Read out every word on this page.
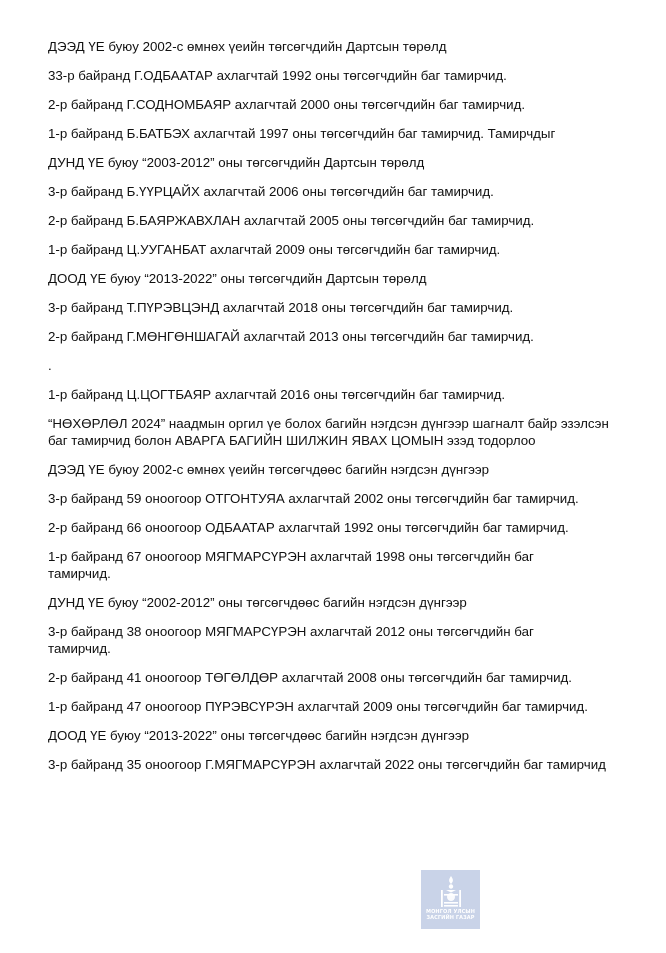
ДЭЭД ҮЕ буюу 2002-с өмнөх үеийн төгсөгчдийн Дартсын төрөлд

33-р байранд Г.ОДБААТАР ахлагчтай 1992 оны төгсөгчдийн баг тамирчид.

2-р байранд Г.СОДНОМБАЯР ахлагчтай 2000 оны төгсөгчдийн баг тамирчид.

1-р байранд Б.БАТБЭХ ахлагчтай 1997 оны төгсөгчдийн баг тамирчид. Тамирчдыг

ДУНД ҮЕ буюу “2003-2012” оны төгсөгчдийн Дартсын төрөлд

3-р байранд Б.ҮҮРЦАЙХ ахлагчтай 2006 оны төгсөгчдийн баг тамирчид.

2-р байранд Б.БАЯРЖАВХЛАН ахлагчтай 2005 оны төгсөгчдийн баг тамирчид.

1-р байранд Ц.УУГАНБАТ ахлагчтай 2009 оны төгсөгчдийн баг тамирчид.

ДООД ҮЕ буюу “2013-2022” оны төгсөгчдийн Дартсын төрөлд

3-р байранд Т.ПҮРЭВЦЭНД ахлагчтай 2018 оны төгсөгчдийн баг тамирчид.

2-р байранд Г.МӨНГӨНШАГАЙ ахлагчтай 2013 оны төгсөгчдийн баг тамирчид.

.

1-р байранд Ц.ЦОГТБАЯР ахлагчтай 2016 оны төгсөгчдийн баг тамирчид.

“НӨХӨРЛӨЛ 2024” наадмын оргил үе болох багийн нэгдсэн дүнгээр шагналт байр эзэлсэн баг тамирчид болон АВАРГА БАГИЙН ШИЛЖИН ЯВАХ ЦОМЫН эзэд тодорлоо

ДЭЭД ҮЕ буюу 2002-с өмнөх үеийн төгсөгчдөөс багийн нэгдсэн дүнгээр

3-р байранд 59 оноогоор ОТГОНТУЯА ахлагчтай 2002 оны төгсөгчдийн баг тамирчид.

2-р байранд 66 оноогоор ОДБААТАР ахлагчтай 1992 оны төгсөгчдийн баг тамирчид.

1-р байранд 67 оноогоор МЯГМАРСҮРЭН ахлагчтай 1998 оны төгсөгчдийн баг тамирчид.

ДУНД ҮЕ буюу “2002-2012” оны төгсөгчдөөс багийн нэгдсэн дүнгээр

3-р байранд 38 оноогоор МЯГМАРСҮРЭН ахлагчтай 2012 оны төгсөгчдийн баг тамирчид.

2-р байранд 41 оноогоор ТӨГӨЛДӨР ахлагчтай 2008 оны төгсөгчдийн баг тамирчид.

1-р байранд 47 оноогоор ПҮРЭВСҮРЭН ахлагчтай 2009 оны төгсөгчдийн баг тамирчид.

ДООД ҮЕ буюу “2013-2022” оны төгсөгчдөөс багийн нэгдсэн дүнгээр

3-р байранд 35 оноогоор Г.МЯГМАРСҮРЭН ахлагчтай 2022 оны төгсөгчдийн баг тамирчид

МОНГОЛ УЛСЫН
ЗАСГИЙН ГАЗАР
